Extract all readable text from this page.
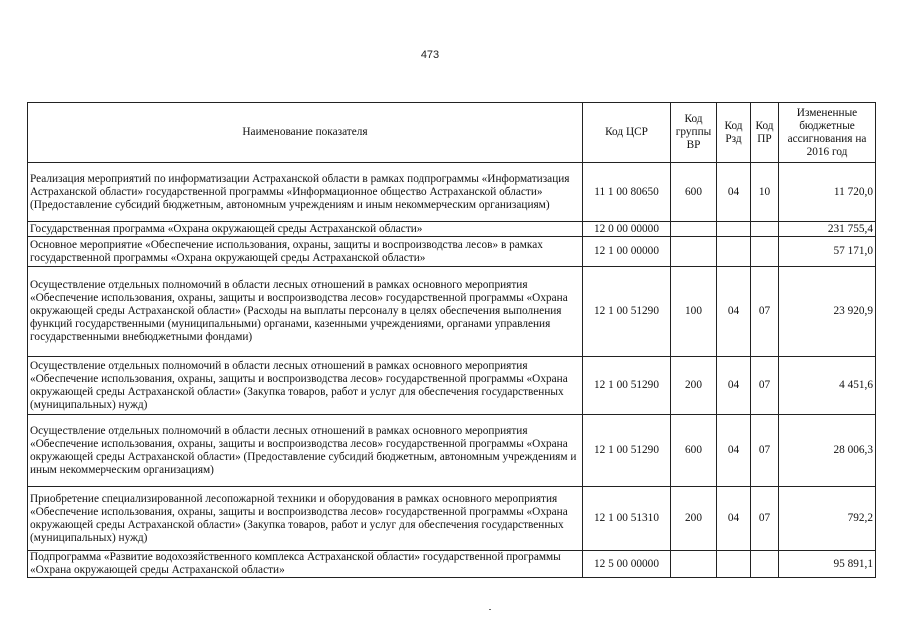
473
Наименование показателя	Код ЦСР	Код группы ВР	Код Рзд	Код ПР	Измененные бюджетные ассигнования на 2016 год
Реализация мероприятий по информатизации Астраханской области в рамках подпрограммы «Информатизация Астраханской области» государственной программы «Информационное общество Астраханской области» (Предоставление субсидий бюджетным, автономным учреждениям и иным некоммерческим организациям)	11 1 00 80650	600	04	10	11 720,0
Государственная программа «Охрана окружающей среды Астраханской области»	12 0 00 00000				231 755,4
Основное мероприятие «Обеспечение использования, охраны, защиты и воспроизводства лесов» в рамках государственной программы «Охрана окружающей среды Астраханской области»	12 1 00 00000				57 171,0
Осуществление отдельных полномочий в области лесных отношений в рамках основного мероприятия «Обеспечение использования, охраны, защиты и воспроизводства лесов» государственной программы «Охрана окружающей среды Астраханской области» (Расходы на выплаты персоналу в целях обеспечения выполнения функций государственными (муниципальными) органами, казенными учреждениями, органами управления государственными внебюджетными фондами)	12 1 00 51290	100	04	07	23 920,9
Осуществление отдельных полномочий в области лесных отношений в рамках основного мероприятия «Обеспечение использования, охраны, защиты и воспроизводства лесов» государственной программы «Охрана окружающей среды Астраханской области» (Закупка товаров, работ и услуг для обеспечения государственных (муниципальных) нужд)	12 1 00 51290	200	04	07	4 451,6
Осуществление отдельных полномочий в области лесных отношений в рамках основного мероприятия «Обеспечение использования, охраны, защиты и воспроизводства лесов» государственной программы «Охрана окружающей среды Астраханской области» (Предоставление субсидий бюджетным, автономным учреждениям и иным некоммерческим организациям)	12 1 00 51290	600	04	07	28 006,3
Приобретение специализированной лесопожарной техники и оборудования в рамках основного мероприятия «Обеспечение использования, охраны, защиты и воспроизводства лесов» государственной программы «Охрана окружающей среды Астраханской области» (Закупка товаров, работ и услуг для обеспечения государственных (муниципальных) нужд)	12 1 00 51310	200	04	07	792,2
Подпрограмма «Развитие водохозяйственного комплекса Астраханской области» государственной программы «Охрана окружающей среды Астраханской области»	12 5 00 00000				95 891,1
